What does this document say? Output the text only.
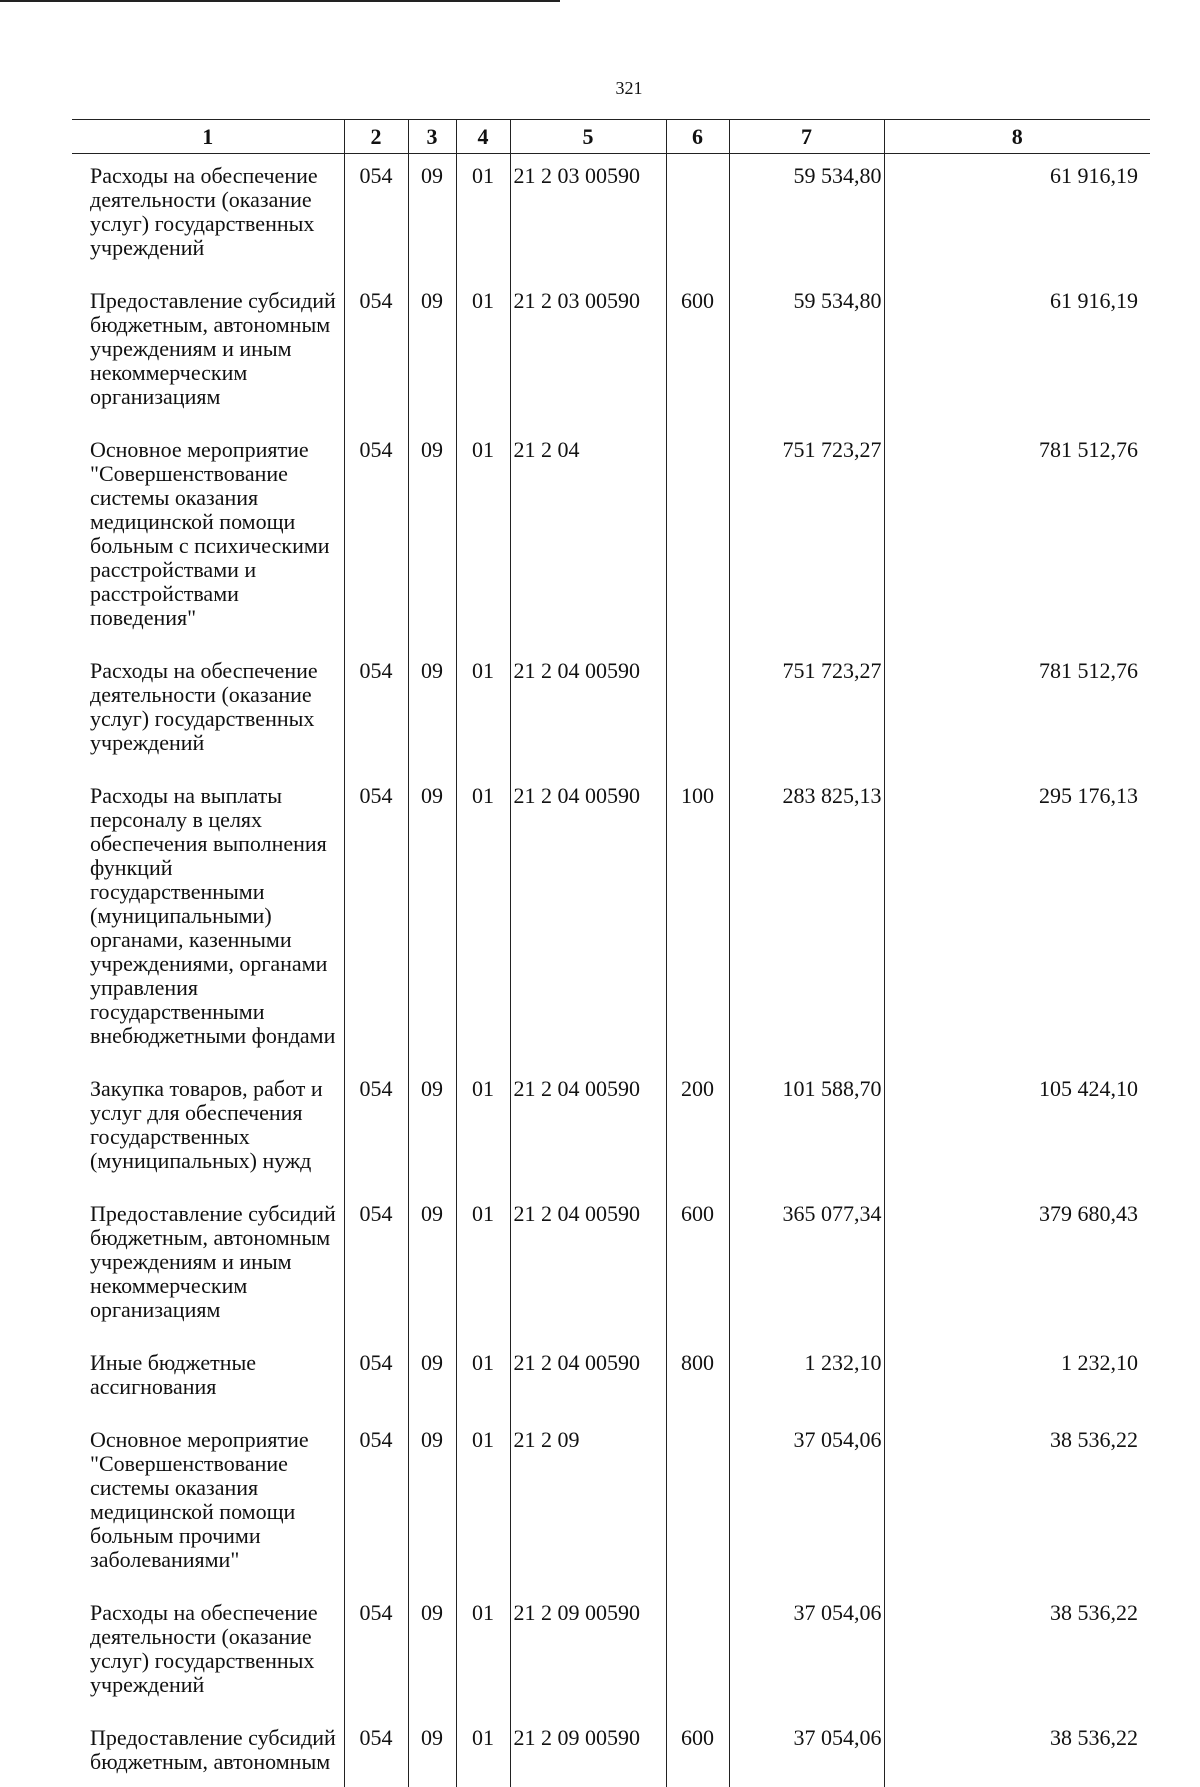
321
1	2	3	4	5	6	7	8
Расходы на обеспечение деятельности (оказание услуг) государственных учреждений	054	09	01	21 2 03 00590		59 534,80	61 916,19
Предоставление субсидий бюджетным, автономным учреждениям и иным некоммерческим организациям	054	09	01	21 2 03 00590	600	59 534,80	61 916,19
Основное мероприятие "Совершенствование системы оказания медицинской помощи больным с психическими расстройствами и расстройствами поведения"	054	09	01	21 2 04		751 723,27	781 512,76
Расходы на обеспечение деятельности (оказание услуг) государственных учреждений	054	09	01	21 2 04 00590		751 723,27	781 512,76
Расходы на выплаты персоналу в целях обеспечения выполнения функций государственными (муниципальными) органами, казенными учреждениями, органами управления государственными внебюджетными фондами	054	09	01	21 2 04 00590	100	283 825,13	295 176,13
Закупка товаров, работ и услуг для обеспечения государственных (муниципальных) нужд	054	09	01	21 2 04 00590	200	101 588,70	105 424,10
Предоставление субсидий бюджетным, автономным учреждениям и иным некоммерческим организациям	054	09	01	21 2 04 00590	600	365 077,34	379 680,43
Иные бюджетные ассигнования	054	09	01	21 2 04 00590	800	1 232,10	1 232,10
Основное мероприятие "Совершенствование системы оказания медицинской помощи больным прочими заболеваниями"	054	09	01	21 2 09		37 054,06	38 536,22
Расходы на обеспечение деятельности (оказание услуг) государственных учреждений	054	09	01	21 2 09 00590		37 054,06	38 536,22
Предоставление субсидий бюджетным, автономным	054	09	01	21 2 09 00590	600	37 054,06	38 536,22
